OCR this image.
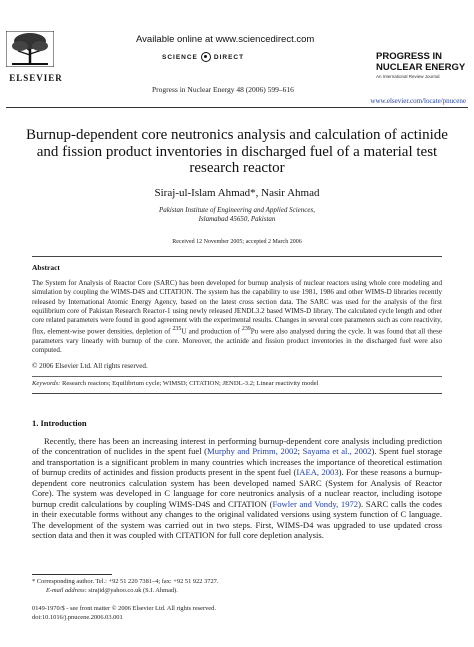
ELSEVIER
Available online at www.sciencedirect.com
SCIENCE DIRECT
Progress in Nuclear Energy 48 (2006) 599–616
PROGRESS IN
NUCLEAR ENERGY
An International Review Journal
www.elsevier.com/locate/pnucene
Burnup-dependent core neutronics analysis and calculation of actinide and fission product inventories in discharged fuel of a material test research reactor
Siraj-ul-Islam Ahmad*, Nasir Ahmad
Pakistan Institute of Engineering and Applied Sciences,
Islamabad 45650, Pakistan
Received 12 November 2005; accepted 2 March 2006
Abstract
The System for Analysis of Reactor Core (SARC) has been developed for burnup analysis of nuclear reactors using whole core modeling and simulation by coupling the WIMS-D4S and CITATION. The system has the capability to use 1981, 1986 and other WIMS-D libraries recently released by International Atomic Energy Agency, based on the latest cross section data. The SARC was used for the analysis of the first equilibrium core of Pakistan Research Reactor-1 using newly released JENDL3.2 based WIMS-D library. The calculated cycle length and other core related parameters were found in good agreement with the experimental results. Changes in several core parameters such as core reactivity, flux, element-wise power densities, depletion of $^{235}$U and production of $^{239}$Pu were also analysed during the cycle. It was found that all these parameters vary linearly with burnup of the core. Moreover, the actinide and fission product inventories in the discharged fuel were also computed.
© 2006 Elsevier Ltd. All rights reserved.
Keywords: Research reactors; Equilibrium cycle; WIMSD; CITATION; JENDL-3.2; Linear reactivity model
1. Introduction

Recently, there has been an increasing interest in performing burnup-dependent core analysis including prediction of the concentration of nuclides in the spent fuel (Murphy and Primm, 2002; Sayama et al., 2002). Spent fuel storage and transportation is a significant problem in many countries which increases the importance of theoretical estimation of burnup credits of actinides and fission products present in the spent fuel (IAEA, 2003). For these reasons a burnup-dependent core neutronics calculation system has been developed named SARC (System for Analysis of Reactor Core). The system was developed in C language for core neutronics analysis of a nuclear reactor, including isotope burnup credit calculations by coupling WIMS-D4S and CITATION (Fowler and Vondy, 1972). SARC calls the codes in their executable forms without any changes to the original validated versions using system function of C language. The development of the system was carried out in two steps. First, WIMS-D4 was upgraded to use updated cross section data and then it was coupled with CITATION for full core depletion analysis.

* Corresponding author. Tel.: +92 51 220 7381–4; fax: +92 51 922 3727.
E-mail address: sirajid@yahoo.co.uk (S.I. Ahmad).
0149-1970/$ - see front matter © 2006 Elsevier Ltd. All rights reserved.
doi:10.1016/j.pnucene.2006.03.001
